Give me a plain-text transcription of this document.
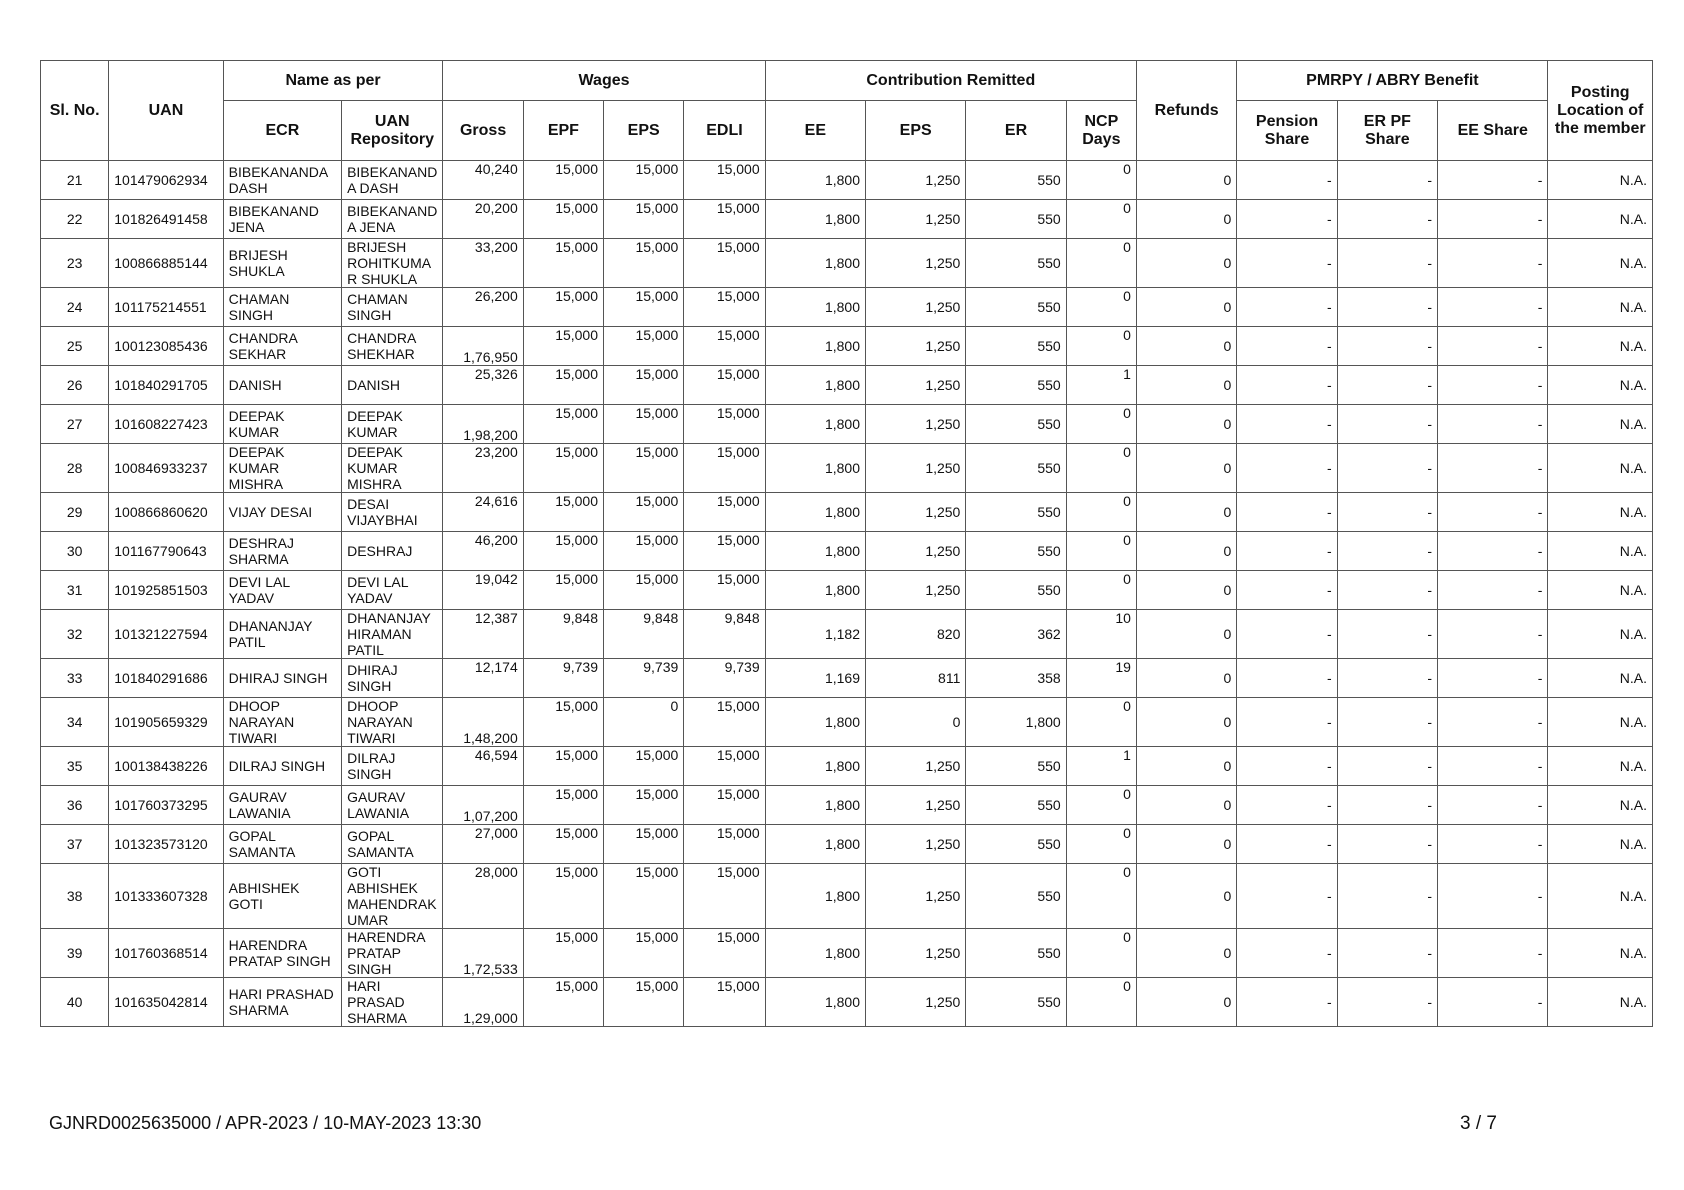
Sl. No.	UAN	Name as per		Wages				Contribution Remitted				Refunds	PMRPY / ABRY Benefit			Posting Location of the member
		ECR	UAN Repository	Gross	EPF	EPS	EDLI	EE	EPS	ER	NCP Days		Pension Share	ER PF Share	EE Share	
21	101479062934	BIBEKANANDA DASH	BIBEKANAND A DASH	40,240	15,000	15,000	15,000	1,800	1,250	550	0	0	-	-	-	N.A.
22	101826491458	BIBEKANAND JENA	BIBEKANAND A JENA	20,200	15,000	15,000	15,000	1,800	1,250	550	0	0	-	-	-	N.A.
23	100866885144	BRIJESH SHUKLA	BRIJESH ROHITKUMA R SHUKLA	33,200	15,000	15,000	15,000	1,800	1,250	550	0	0	-	-	-	N.A.
24	101175214551	CHAMAN SINGH	CHAMAN SINGH	26,200	15,000	15,000	15,000	1,800	1,250	550	0	0	-	-	-	N.A.
25	100123085436	CHANDRA SEKHAR	CHANDRA SHEKHAR	1,76,950	15,000	15,000	15,000	1,800	1,250	550	0	0	-	-	-	N.A.
26	101840291705	DANISH	DANISH	25,326	15,000	15,000	15,000	1,800	1,250	550	1	0	-	-	-	N.A.
27	101608227423	DEEPAK KUMAR	DEEPAK KUMAR	1,98,200	15,000	15,000	15,000	1,800	1,250	550	0	0	-	-	-	N.A.
28	100846933237	DEEPAK KUMAR MISHRA	DEEPAK KUMAR MISHRA	23,200	15,000	15,000	15,000	1,800	1,250	550	0	0	-	-	-	N.A.
29	100866860620	VIJAY DESAI	DESAI VIJAYBHAI	24,616	15,000	15,000	15,000	1,800	1,250	550	0	0	-	-	-	N.A.
30	101167790643	DESHRAJ SHARMA	DESHRAJ	46,200	15,000	15,000	15,000	1,800	1,250	550	0	0	-	-	-	N.A.
31	101925851503	DEVI LAL YADAV	DEVI LAL YADAV	19,042	15,000	15,000	15,000	1,800	1,250	550	0	0	-	-	-	N.A.
32	101321227594	DHANANJAY PATIL	DHANANJAY HIRAMAN PATIL	12,387	9,848	9,848	9,848	1,182	820	362	10	0	-	-	-	N.A.
33	101840291686	DHIRAJ SINGH	DHIRAJ SINGH	12,174	9,739	9,739	9,739	1,169	811	358	19	0	-	-	-	N.A.
34	101905659329	DHOOP NARAYAN TIWARI	DHOOP NARAYAN TIWARI	1,48,200	15,000	0	15,000	1,800	0	1,800	0	0	-	-	-	N.A.
35	100138438226	DILRAJ SINGH	DILRAJ SINGH	46,594	15,000	15,000	15,000	1,800	1,250	550	1	0	-	-	-	N.A.
36	101760373295	GAURAV LAWANIA	GAURAV LAWANIA	1,07,200	15,000	15,000	15,000	1,800	1,250	550	0	0	-	-	-	N.A.
37	101323573120	GOPAL SAMANTA	GOPAL SAMANTA	27,000	15,000	15,000	15,000	1,800	1,250	550	0	0	-	-	-	N.A.
38	101333607328	ABHISHEK GOTI	GOTI ABHISHEK MAHENDRAK UMAR	28,000	15,000	15,000	15,000	1,800	1,250	550	0	0	-	-	-	N.A.
39	101760368514	HARENDRA PRATAP SINGH	HARENDRA PRATAP SINGH	1,72,533	15,000	15,000	15,000	1,800	1,250	550	0	0	-	-	-	N.A.
40	101635042814	HARI PRASHAD SHARMA	HARI PRASAD SHARMA	1,29,000	15,000	15,000	15,000	1,800	1,250	550	0	0	-	-	-	N.A.
GJNRD0025635000 / APR-2023 / 10-MAY-2023 13:30	3 / 7
